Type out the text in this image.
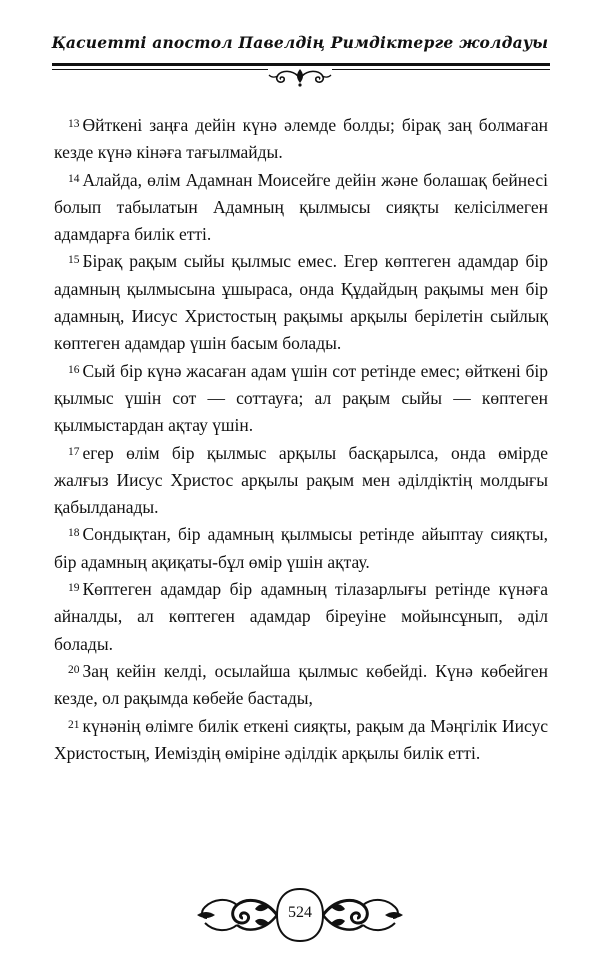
Қасиетті апостол Павелдің Римдіктерге жолдауы

$^{13}$ Өйткені заңға дейін күнә әлемде болды; бірақ заң болмаған кезде күнә кінәға тағылмайды.

$^{14}$ Алайда, өлім Адамнан Моисейге дейін және болашақ бейнесі болып табылатын Адамның қылмысы сияқты келісілмеген адамдарға билік етті.

$^{15}$ Бірақ рақым сыйы қылмыс емес. Егер көптеген адамдар бір адамның қылмысына ұшыраса, онда Құдайдың рақымы мен бір адамның, Иисус Христостың рақымы арқылы берілетін сыйлық көптеген адамдар үшін басым болады.

$^{16}$ Сый бір күнә жасаған адам үшін сот ретінде емес; өйткені бір қылмыс үшін сот — соттауға; ал рақым сыйы — көптеген қылмыстардан ақтау үшін.

$^{17}$ егер өлім бір қылмыс арқылы басқарылса, онда өмірде жалғыз Иисус Христос арқылы рақым мен әділдіктің молдығы қабылданады.

$^{18}$ Сондықтан, бір адамның қылмысы ретінде айыптау сияқты, бір адамның ақиқаты-бұл өмір үшін ақтау.

$^{19}$ Көптеген адамдар бір адамның тілазарлығы ретінде күнәға айналды, ал көптеген адамдар біреуіне мойынсұнып, әділ болады.

$^{20}$ Заң кейін келді, осылайша қылмыс көбейді. Күнә көбейген кезде, ол рақымда көбейе бастады,

$^{21}$ күнәнің өлімге билік еткені сияқты, рақым да Мәңгілік Иисус Христостың, Иеміздің өміріне әділдік арқылы билік етті.

524
